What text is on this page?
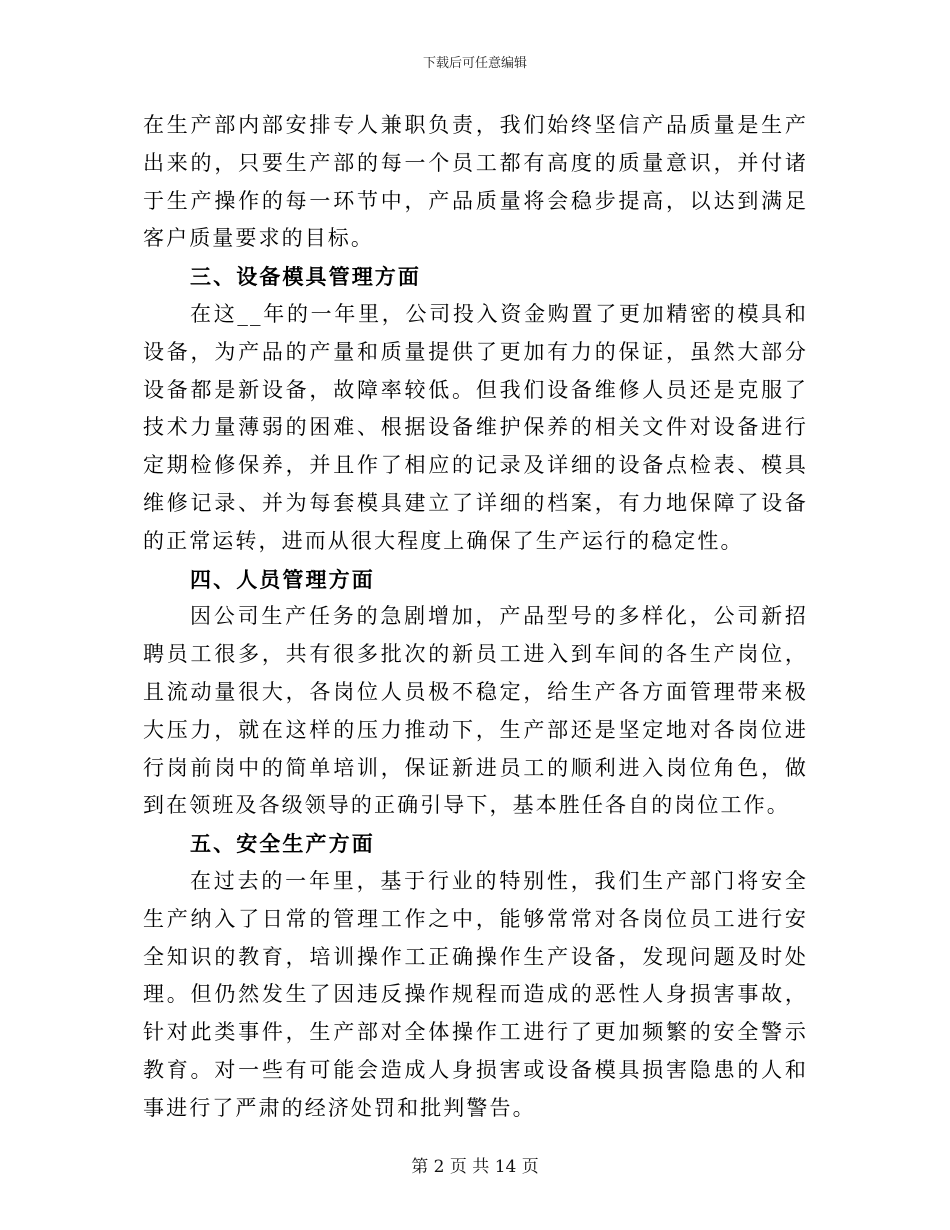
下载后可任意编辑

在生产部内部安排专人兼职负责，我们始终坚信产品质量是生产出来的，只要生产部的每一个员工都有高度的质量意识，并付诸于生产操作的每一环节中，产品质量将会稳步提高，以达到满足客户质量要求的目标。

三、设备模具管理方面

在这__年的一年里，公司投入资金购置了更加精密的模具和设备，为产品的产量和质量提供了更加有力的保证，虽然大部分设备都是新设备，故障率较低。但我们设备维修人员还是克服了技术力量薄弱的困难、根据设备维护保养的相关文件对设备进行定期检修保养，并且作了相应的记录及详细的设备点检表、模具维修记录、并为每套模具建立了详细的档案，有力地保障了设备的正常运转，进而从很大程度上确保了生产运行的稳定性。

四、人员管理方面

因公司生产任务的急剧增加，产品型号的多样化，公司新招聘员工很多，共有很多批次的新员工进入到车间的各生产岗位，且流动量很大，各岗位人员极不稳定，给生产各方面管理带来极大压力，就在这样的压力推动下，生产部还是坚定地对各岗位进行岗前岗中的简单培训，保证新进员工的顺利进入岗位角色，做到在领班及各级领导的正确引导下，基本胜任各自的岗位工作。

五、安全生产方面

在过去的一年里，基于行业的特别性，我们生产部门将安全生产纳入了日常的管理工作之中，能够常常对各岗位员工进行安全知识的教育，培训操作工正确操作生产设备，发现问题及时处理。但仍然发生了因违反操作规程而造成的恶性人身损害事故，针对此类事件，生产部对全体操作工进行了更加频繁的安全警示教育。对一些有可能会造成人身损害或设备模具损害隐患的人和事进行了严肃的经济处罚和批判警告。

第 2 页 共 14 页
